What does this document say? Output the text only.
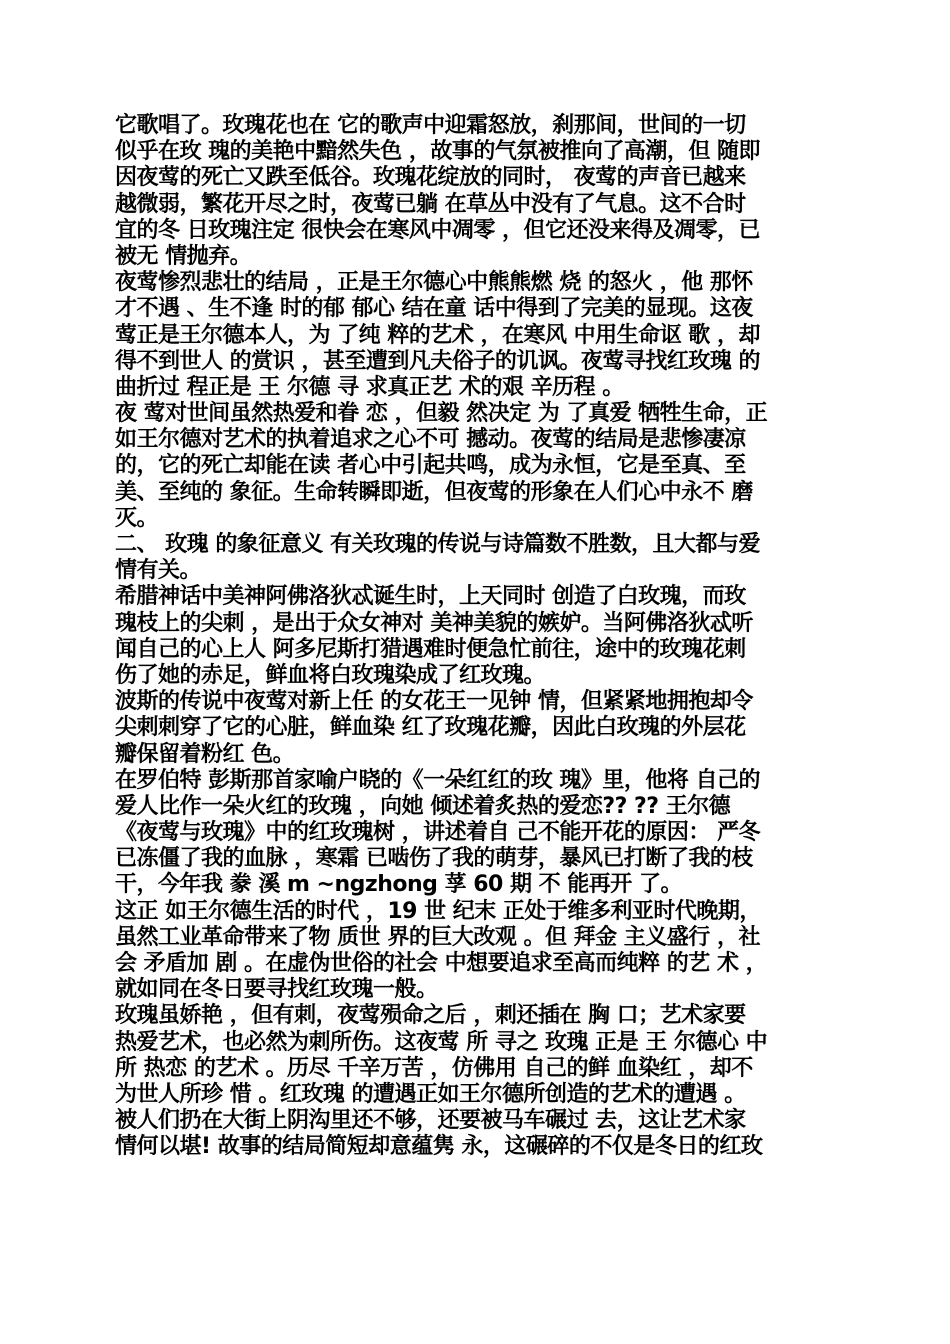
它歌唱了。玫瑰花也在 它的歌声中迎霜怒放，刹那间，世间的一切
似乎在玫 瑰的美艳中黯然失色 ，故事的气氛被推向了高潮，但 随即
因夜莺的死亡又跌至低谷。玫瑰花绽放的同时， 夜莺的声音已越来
越微弱，繁花开尽之时，夜莺已躺 在草丛中没有了气息。这不合时
宜的冬 日玫瑰注定 很快会在寒风中凋零 ，但它还没来得及凋零，已
被无 情抛弃。
夜莺惨烈悲壮的结局 ，正是王尔德心中熊熊燃 烧 的怒火 ，他 那怀
才不遇 、生不逢 时的郁 郁心 结在童 话中得到了完美的显现。这夜
莺正是王尔德本人，为 了纯 粹的艺术 ，在寒风 中用生命讴 歌 ，却
得不到世人 的赏识 ，甚至遭到凡夫俗子的讥讽。夜莺寻找红玫瑰 的
曲折过 程正是 王 尔德 寻 求真正艺 术的艰 辛历程 。
夜 莺对世间虽然热爱和眷 恋 ，但毅 然决定 为 了真爱 牺牲生命，正
如王尔德对艺术的执着追求之心不可 撼动。夜莺的结局是悲惨凄凉
的，它的死亡却能在读 者心中引起共鸣，成为永恒，它是至真、至
美、至纯的 象征。生命转瞬即逝，但夜莺的形象在人们心中永不 磨
灭。
二、 玫瑰 的象征意义 有关玫瑰的传说与诗篇数不胜数，且大都与爱
情有关。
希腊神话中美神阿佛洛狄忒诞生时，上天同时 创造了白玫瑰，而玫
瑰枝上的尖刺 ，是出于众女神对 美神美貌的嫉妒。当阿佛洛狄忒听
闻自己的心上人 阿多尼斯打猎遇难时便急忙前往，途中的玫瑰花刺
伤了她的赤足，鲜血将白玫瑰染成了红玫瑰。
波斯的传说中夜莺对新上任 的女花王一见钟 情，但紧紧地拥抱却令
尖刺刺穿了它的心脏，鲜血染 红了玫瑰花瓣，因此白玫瑰的外层花
瓣保留着粉红 色。
在罗伯特 彭斯那首家喻户晓的《一朵红红的玫 瑰》里，他将 自己的
爱人比作一朵火红的玫瑰 ，向她 倾述着炙热的爱恋?? ?? 王尔德
《夜莺与玫瑰》中的红玫瑰树 ，讲述着自 己不能开花的原因： 严冬
已冻僵了我的血脉 ，寒霜 已啮伤了我的萌芽，暴风已打断了我的枝
干，今年我 豢 溪 m ~ngzhong 莩 60 期 不 能再开 了。
这正 如王尔德生活的时代 ，19 世 纪末 正处于维多利亚时代晚期，
虽然工业革命带来了物 质世 界的巨大改观 。但 拜金 主义盛行 ，社
会 矛盾加 剧 。在虚伪世俗的社会 中想要追求至高而纯粹 的艺 术 ，
就如同在冬日要寻找红玫瑰一般。
玫瑰虽娇艳 ，但有刺，夜莺殒命之后 ，刺还插在 胸 口；艺术家要
热爱艺术，也必然为刺所伤。这夜莺 所 寻之 玫瑰 正是 王 尔德心 中
所 热恋 的艺术 。历尽 千辛万苦 ，仿佛用 自己的鲜 血染红 ，却不
为世人所珍 惜 。红玫瑰 的遭遇正如王尔德所创造的艺术的遭遇 。
被人们扔在大街上阴沟里还不够，还要被马车碾过 去，这让艺术家
情何以堪! 故事的结局简短却意蕴隽 永，这碾碎的不仅是冬日的红玫
